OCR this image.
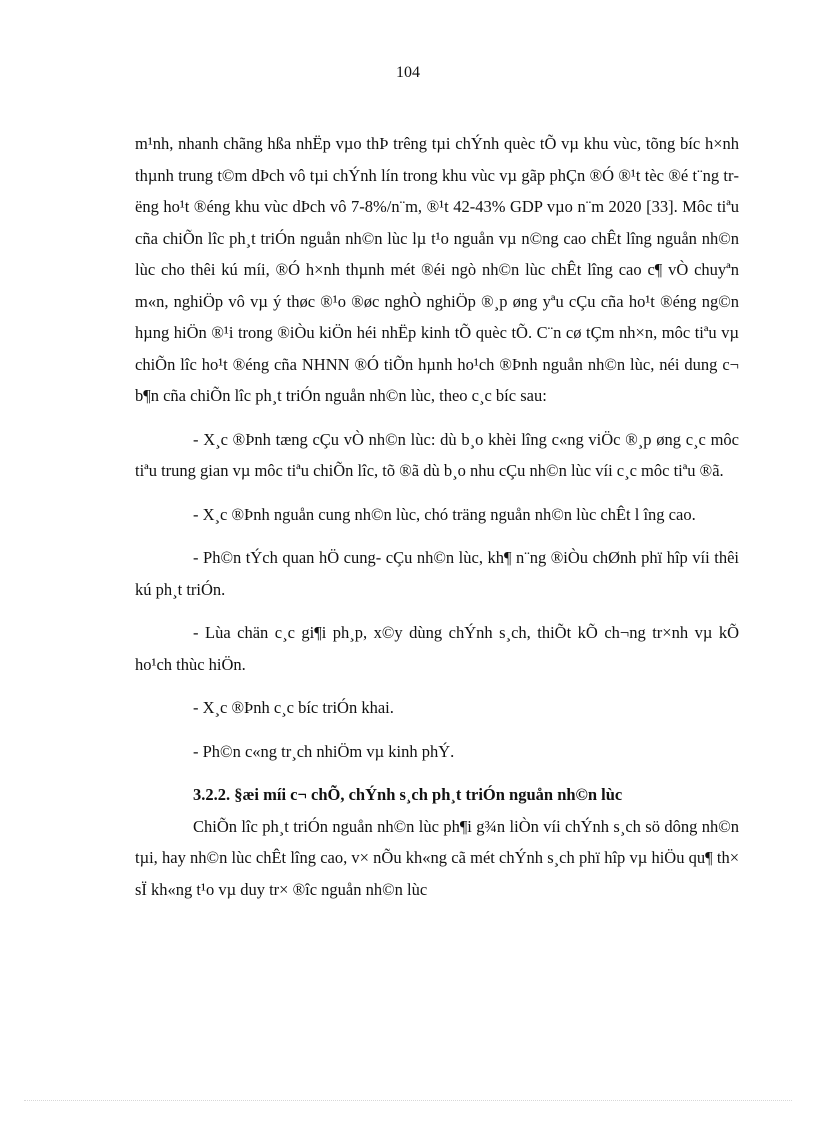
104

m¹nh, nhanh chãng hßa nhËp vµo thÞ trêng tµi chÝnh quèc tÕ vµ khu vùc, tõng bíc h×nh thµnh trung t©m dÞch vô tµi chÝnh lín trong khu vùc vµ gãp phÇn ®Ó ®¹t tèc ®é t¨ng trëng ho¹t ®éng khu vùc dÞch vô 7-8%/n¨m, ®¹t 42-43% GDP vµo n¨m 2020 [33]. Môc tiªu cña chiÕn lîc ph¸t triÓn nguån nh©n lùc lµ t¹o nguån vµ n©ng cao chÊt lîng nguån nh©n lùc cho thêi kú míi, ®Ó h×nh thµnh mét ®éi ngò nh©n lùc chÊt lîng cao c¶ vÒ chuyªn m«n, nghiÖp vô vµ ý thøc ®¹o ®øc nghÒ nghiÖp ®¸p øng yªu cÇu cña ho¹t ®éng ng©n hµng hiÖn ®¹i trong ®iÒu kiÖn héi nhËp kinh tÕ quèc tÕ. C¨n cø tÇm nh×n, môc tiªu vµ chiÕn lîc ho¹t ®éng cña NHNN ®Ó tiÕn hµnh ho¹ch ®Þnh nguån nh©n lùc, néi dung c¬ b¶n cña chiÕn lîc ph¸t triÓn nguån nh©n lùc, theo c¸c bíc sau:

- X¸c ®Þnh tæng cÇu vÒ nh©n lùc: dù b¸o khèi lîng c«ng viÖc ®¸p øng c¸c môc tiªu trung gian vµ môc tiªu chiÕn lîc, tõ ®ã dù b¸o nhu cÇu nh©n lùc víi c¸c môc tiªu ®ã.

- X¸c ®Þnh nguån cung nh©n lùc, chó träng nguån nh©n lùc chÊt l îng cao.

- Ph©n tÝch quan hÖ cung- cÇu nh©n lùc, kh¶ n¨ng ®iÒu chØnh phï hîp víi thêi kú ph¸t triÓn.

- Lùa chän c¸c gi¶i ph¸p, x©y dùng chÝnh s¸ch, thiÕt kÕ ch¬ng tr×nh vµ kÕ ho¹ch thùc hiÖn.

- X¸c ®Þnh c¸c bíc triÓn khai.

- Ph©n c«ng tr¸ch nhiÖm vµ kinh phÝ.

3.2.2. §æi míi c¬ chÕ, chÝnh s¸ch ph¸t triÓn nguån nh©n lùc

ChiÕn lîc ph¸t triÓn nguån nh©n lùc ph¶i g¾n liÒn víi chÝnh s¸ch sö dông nh©n tµi, hay nh©n lùc chÊt lîng cao, v× nÕu kh«ng cã mét chÝnh s¸ch phï hîp vµ hiÖu qu¶ th× sÏ kh«ng t¹o vµ duy tr× ®îc nguån nh©n lùc
